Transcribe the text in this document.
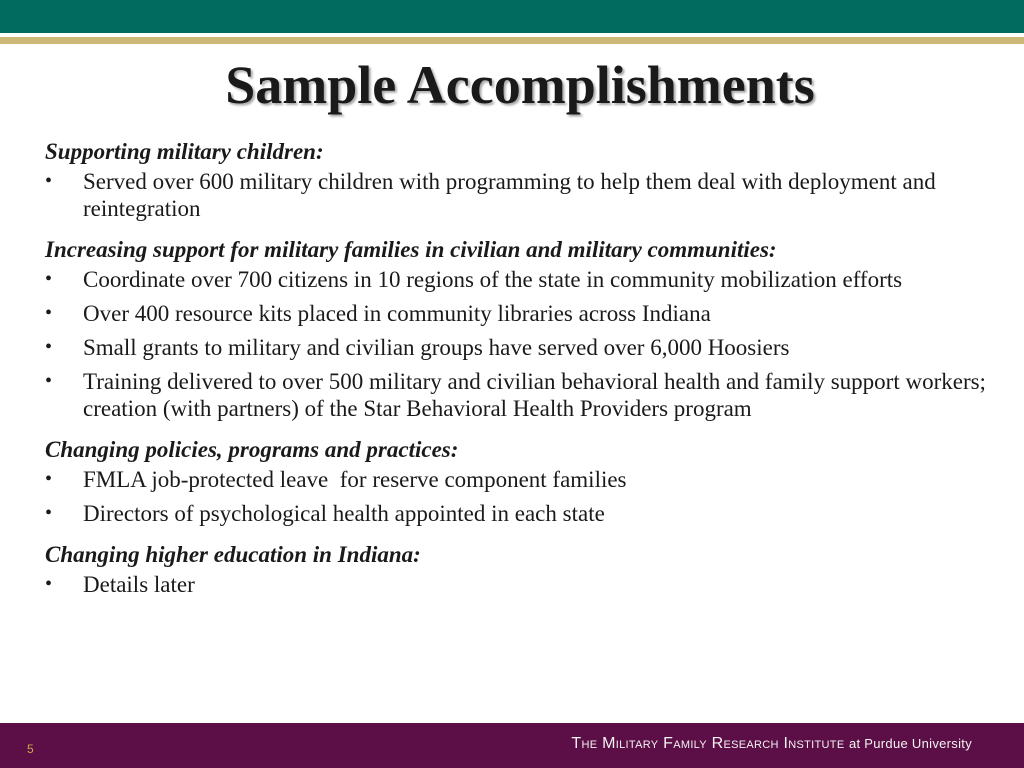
Sample Accomplishments

Supporting military children:

• Served over 600 military children with programming to help them deal with deployment and reintegration

Increasing support for military families in civilian and military communities:

• Coordinate over 700 citizens in 10 regions of the state in community mobilization efforts
• Over 400 resource kits placed in community libraries across Indiana
• Small grants to military and civilian groups have served over 6,000 Hoosiers
• Training delivered to over 500 military and civilian behavioral health and family support workers; creation (with partners) of the Star Behavioral Health Providers program

Changing policies, programs and practices:

• FMLA job-protected leave  for reserve component families
• Directors of psychological health appointed in each state

Changing higher education in Indiana:

• Details later
5	The Military Family Research Institute at Purdue University
